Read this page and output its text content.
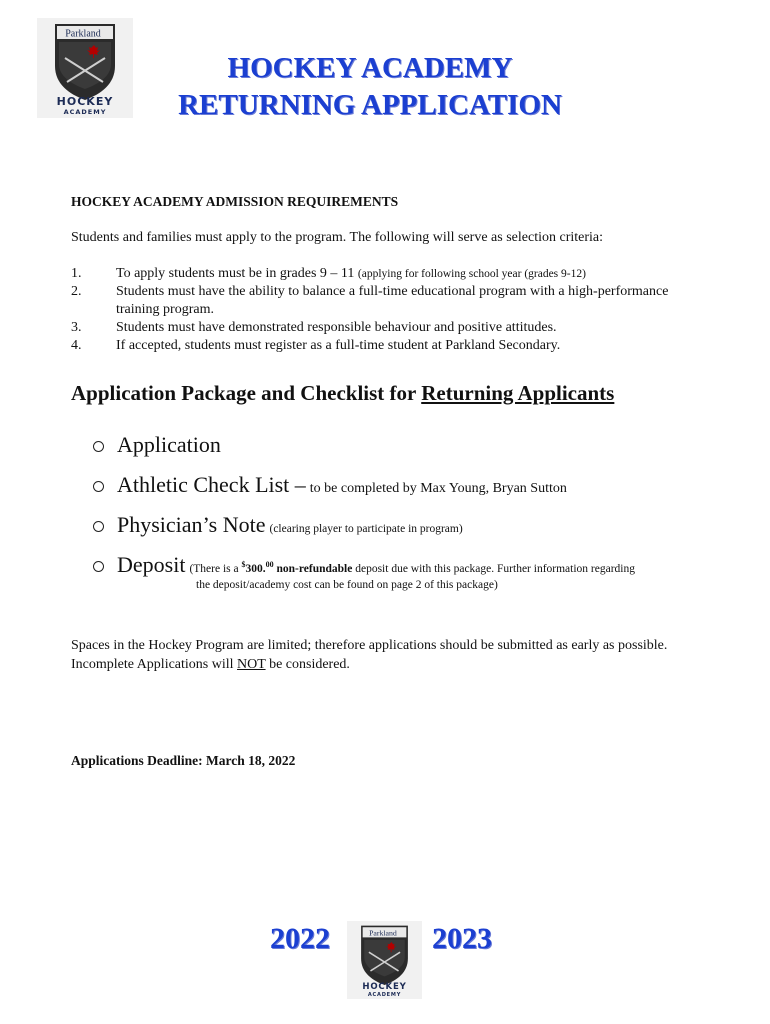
Parkland
HOCKEY
ACADEMY
HOCKEY ACADEMY
RETURNING APPLICATION
HOCKEY ACADEMY ADMISSION REQUIREMENTS
Students and families must apply to the program. The following will serve as selection criteria:
1. To apply students must be in grades 9 – 11 (applying for following school year (grades 9-12)
2. Students must have the ability to balance a full-time educational program with a high-performance training program.
3. Students must have demonstrated responsible behaviour and positive attitudes.
4. If accepted, students must register as a full-time student at Parkland Secondary.
Application Package and Checklist for Returning Applicants
Application
Athletic Check List – to be completed by Max Young, Bryan Sutton
Physician’s Note (clearing player to participate in program)
Deposit (There is a $300.00 non-refundable deposit due with this package. Further information regarding
the deposit/academy cost can be found on page 2 of this package)
Spaces in the Hockey Program are limited; therefore applications should be submitted as early as possible. Incomplete Applications will NOT be considered.
Applications Deadline: March 18, 2022
2022	Parkland
HOCKEY
ACADEMY
2023
